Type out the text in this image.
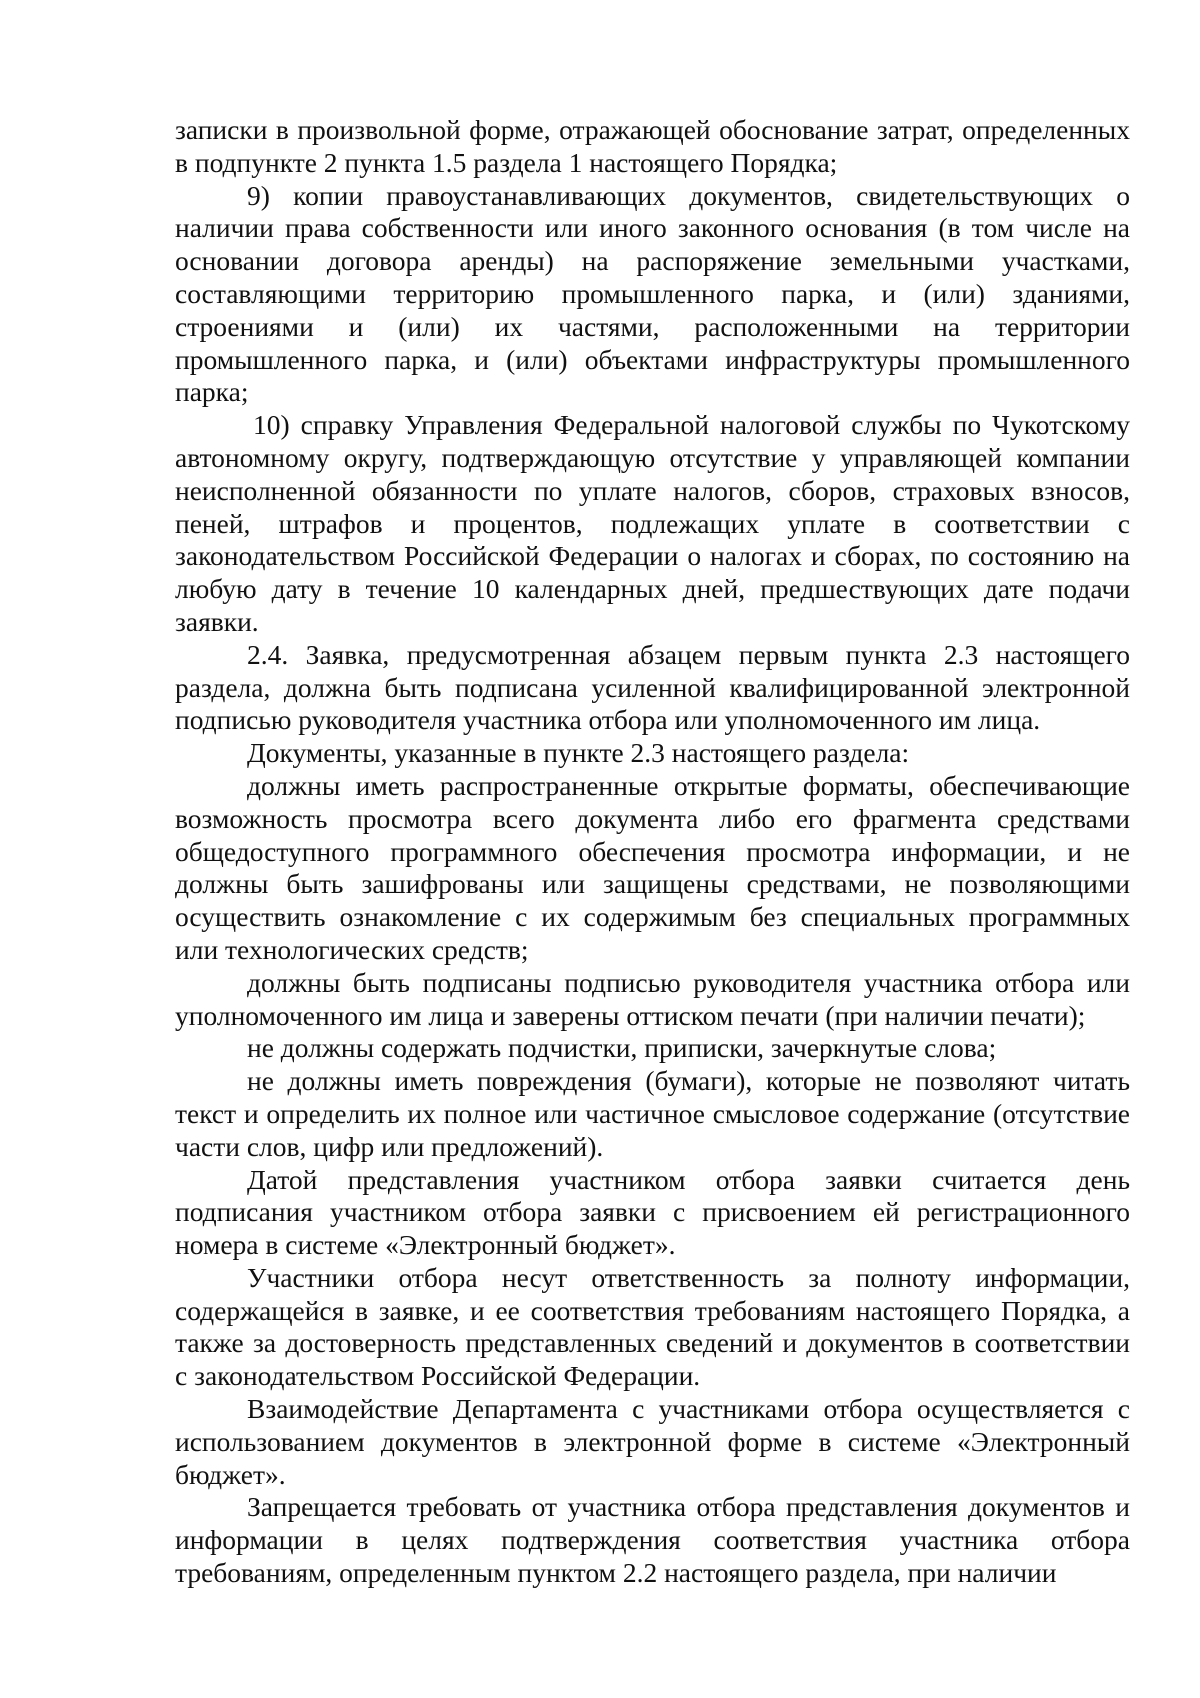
записки в произвольной форме, отражающей обоснование затрат, определенных в подпункте 2 пункта 1.5 раздела 1 настоящего Порядка;

9) копии правоустанавливающих документов, свидетельствующих о наличии права собственности или иного законного основания (в том числе на основании договора аренды) на распоряжение земельными участками, составляющими территорию промышленного парка, и (или) зданиями, строениями и (или) их частями, расположенными на территории промышленного парка, и (или) объектами инфраструктуры промышленного парка;

10) справку Управления Федеральной налоговой службы по Чукотскому автономному округу, подтверждающую отсутствие у управляющей компании неисполненной обязанности по уплате налогов, сборов, страховых взносов, пеней, штрафов и процентов, подлежащих уплате в соответствии с законодательством Российской Федерации о налогах и сборах, по состоянию на любую дату в течение 10 календарных дней, предшествующих дате подачи заявки.

2.4. Заявка, предусмотренная абзацем первым пункта 2.3 настоящего раздела, должна быть подписана усиленной квалифицированной электронной подписью руководителя участника отбора или уполномоченного им лица.

Документы, указанные в пункте 2.3 настоящего раздела:

должны иметь распространенные открытые форматы, обеспечивающие возможность просмотра всего документа либо его фрагмента средствами общедоступного программного обеспечения просмотра информации, и не должны быть зашифрованы или защищены средствами, не позволяющими осуществить ознакомление с их содержимым без специальных программных или технологических средств;

должны быть подписаны подписью руководителя участника отбора или уполномоченного им лица и заверены оттиском печати (при наличии печати);

не должны содержать подчистки, приписки, зачеркнутые слова;

не должны иметь повреждения (бумаги), которые не позволяют читать текст и определить их полное или частичное смысловое содержание (отсутствие части слов, цифр или предложений).

Датой представления участником отбора заявки считается день подписания участником отбора заявки с присвоением ей регистрационного номера в системе «Электронный бюджет».

Участники отбора несут ответственность за полноту информации, содержащейся в заявке, и ее соответствия требованиям настоящего Порядка, а также за достоверность представленных сведений и документов в соответствии с законодательством Российской Федерации.

Взаимодействие Департамента с участниками отбора осуществляется с использованием документов в электронной форме в системе «Электронный бюджет».

Запрещается требовать от участника отбора представления документов и информации в целях подтверждения соответствия участника отбора требованиям, определенным пунктом 2.2 настоящего раздела, при наличии
